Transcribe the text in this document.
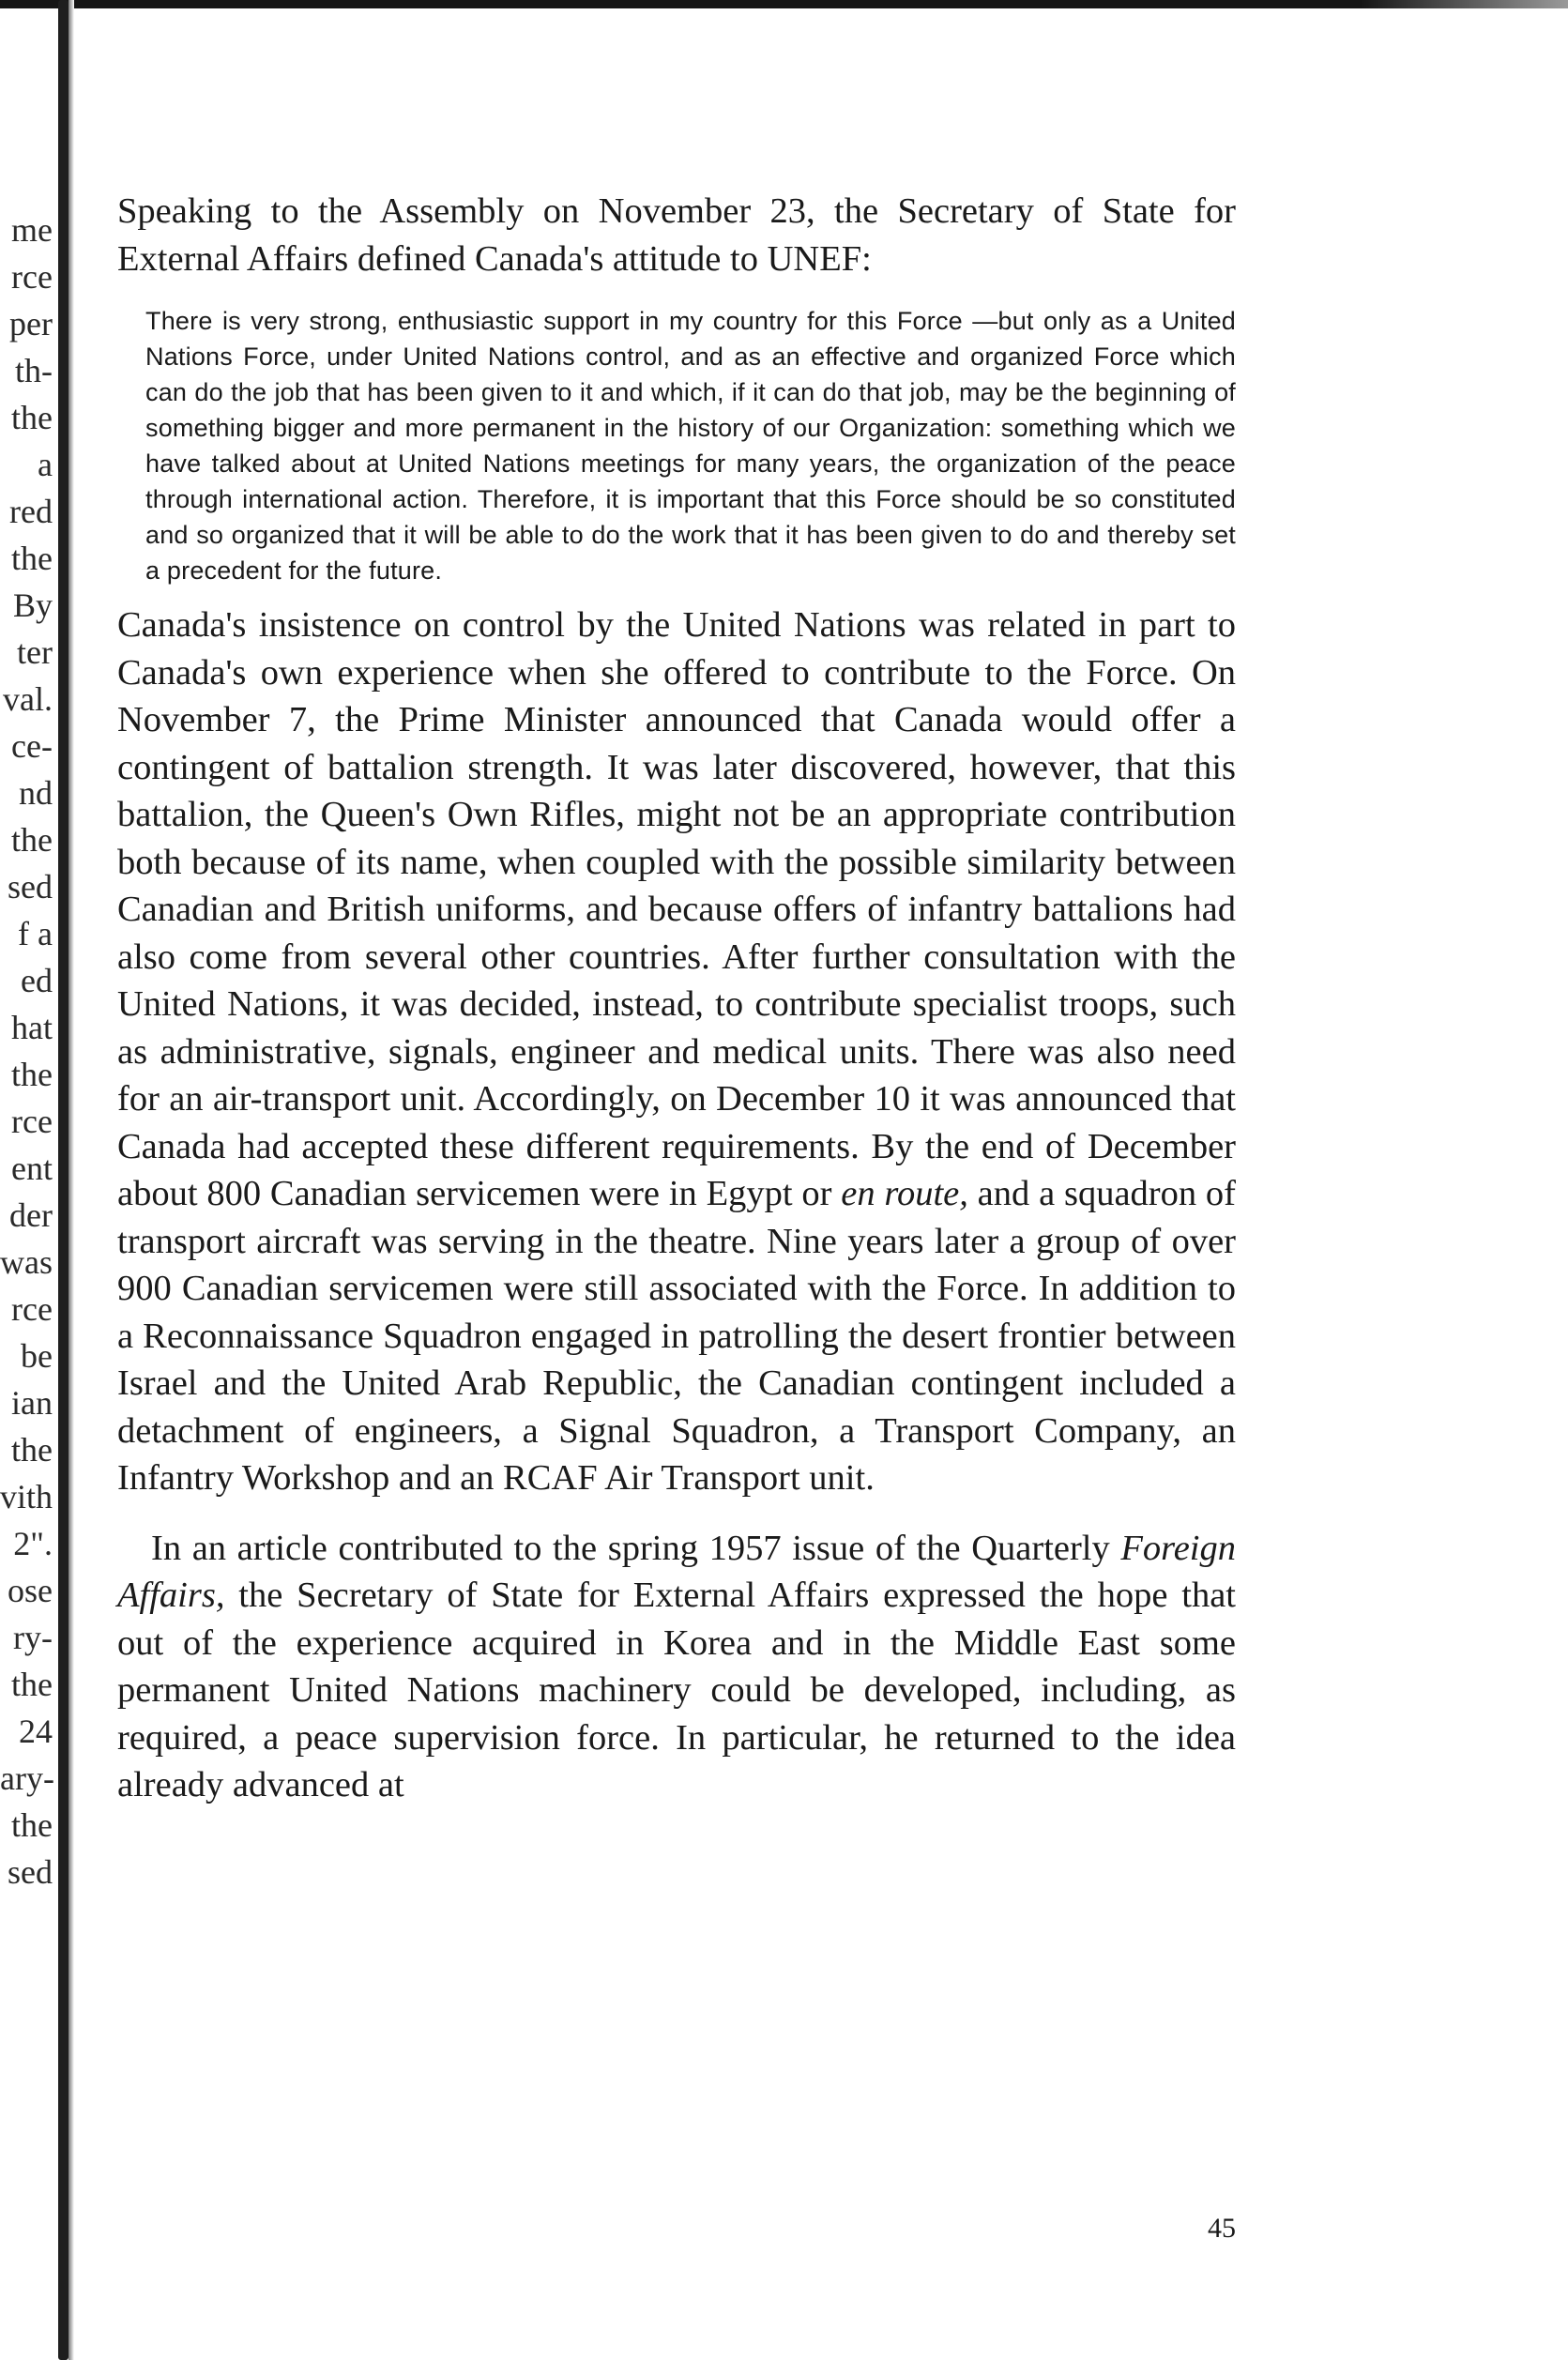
me
rce
per
th-
the
a
red
the
By
ter
val.
ce-
nd
the
sed
f a
ed
hat
the
rce
ent
der
was
rce
be
ian
the
vith
2".
ose
ry-
the
24
ary-
the
sed

Speaking to the Assembly on November 23, the Secretary of State for External Affairs defined Canada's attitude to UNEF:

There is very strong, enthusiastic support in my country for this Force —but only as a United Nations Force, under United Nations control, and as an effective and organized Force which can do the job that has been given to it and which, if it can do that job, may be the beginning of something bigger and more permanent in the history of our Organization: something which we have talked about at United Nations meetings for many years, the organization of the peace through international action. Therefore, it is important that this Force should be so constituted and so organized that it will be able to do the work that it has been given to do and thereby set a precedent for the future.

Canada's insistence on control by the United Nations was related in part to Canada's own experience when she offered to contribute to the Force. On November 7, the Prime Minister announced that Canada would offer a contingent of battalion strength. It was later discovered, however, that this battalion, the Queen's Own Rifles, might not be an appropriate contribution both because of its name, when coupled with the possible similarity between Canadian and British uniforms, and because offers of infantry battalions had also come from several other countries. After further consultation with the United Nations, it was decided, instead, to contribute specialist troops, such as administrative, signals, engineer and medical units. There was also need for an air-transport unit. Accordingly, on December 10 it was announced that Canada had accepted these different requirements. By the end of December about 800 Canadian servicemen were in Egypt or en route, and a squadron of transport aircraft was serving in the theatre. Nine years later a group of over 900 Canadian servicemen were still associated with the Force. In addition to a Reconnaissance Squadron engaged in patrolling the desert frontier between Israel and the United Arab Republic, the Canadian contingent included a detachment of engineers, a Signal Squadron, a Transport Company, an Infantry Workshop and an RCAF Air Transport unit.

In an article contributed to the spring 1957 issue of the Quarterly Foreign Affairs, the Secretary of State for External Affairs expressed the hope that out of the experience acquired in Korea and in the Middle East some permanent United Nations machinery could be developed, including, as required, a peace supervision force. In particular, he returned to the idea already advanced at

45
